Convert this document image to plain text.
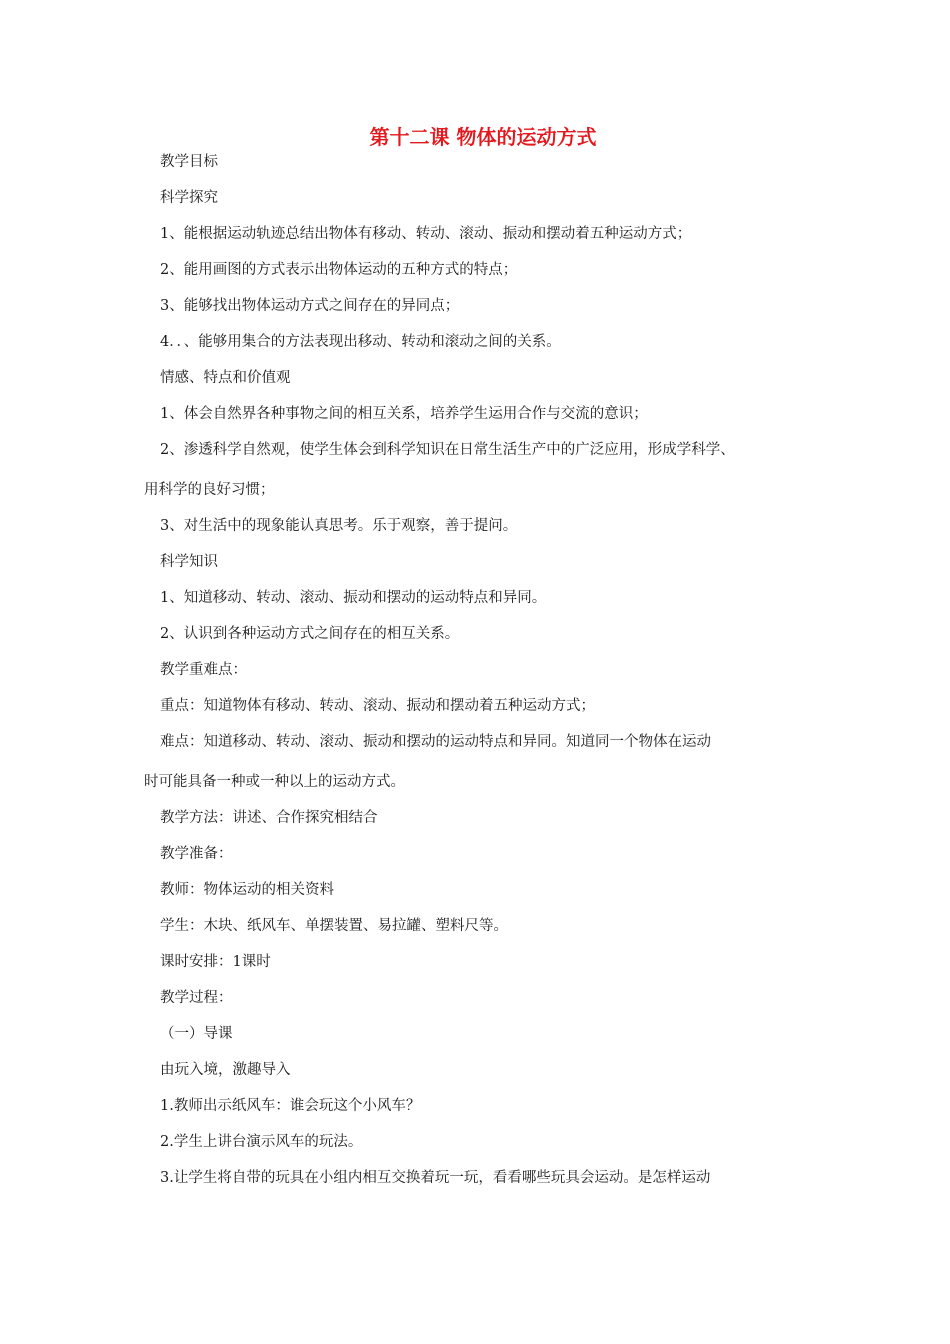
第十二课 物体的运动方式
教学目标
科学探究
1、能根据运动轨迹总结出物体有移动、转动、滚动、振动和摆动着五种运动方式；
2、能用画图的方式表示出物体运动的五种方式的特点；
3、能够找出物体运动方式之间存在的异同点；
4．．、能够用集合的方法表现出移动、转动和滚动之间的关系。
情感、特点和价值观
1、体会自然界各种事物之间的相互关系，培养学生运用合作与交流的意识；
2、渗透科学自然观，使学生体会到科学知识在日常生活生产中的广泛应用，形成学科学、
用科学的良好习惯；
3、对生活中的现象能认真思考。乐于观察，善于提问。
科学知识
1、知道移动、转动、滚动、振动和摆动的运动特点和异同。
2、认识到各种运动方式之间存在的相互关系。
教学重难点：
重点：知道物体有移动、转动、滚动、振动和摆动着五种运动方式；
难点：知道移动、转动、滚动、振动和摆动的运动特点和异同。知道同一个物体在运动
时可能具备一种或一种以上的运动方式。
教学方法：讲述、合作探究相结合
教学准备：
教师：物体运动的相关资料
学生：木块、纸风车、单摆装置、易拉罐、塑料尺等。
课时安排：1课时
教学过程：
（一）导课
由玩入境，激趣导入
1.教师出示纸风车：谁会玩这个小风车？
2.学生上讲台演示风车的玩法。
3.让学生将自带的玩具在小组内相互交换着玩一玩，看看哪些玩具会运动。是怎样运动
